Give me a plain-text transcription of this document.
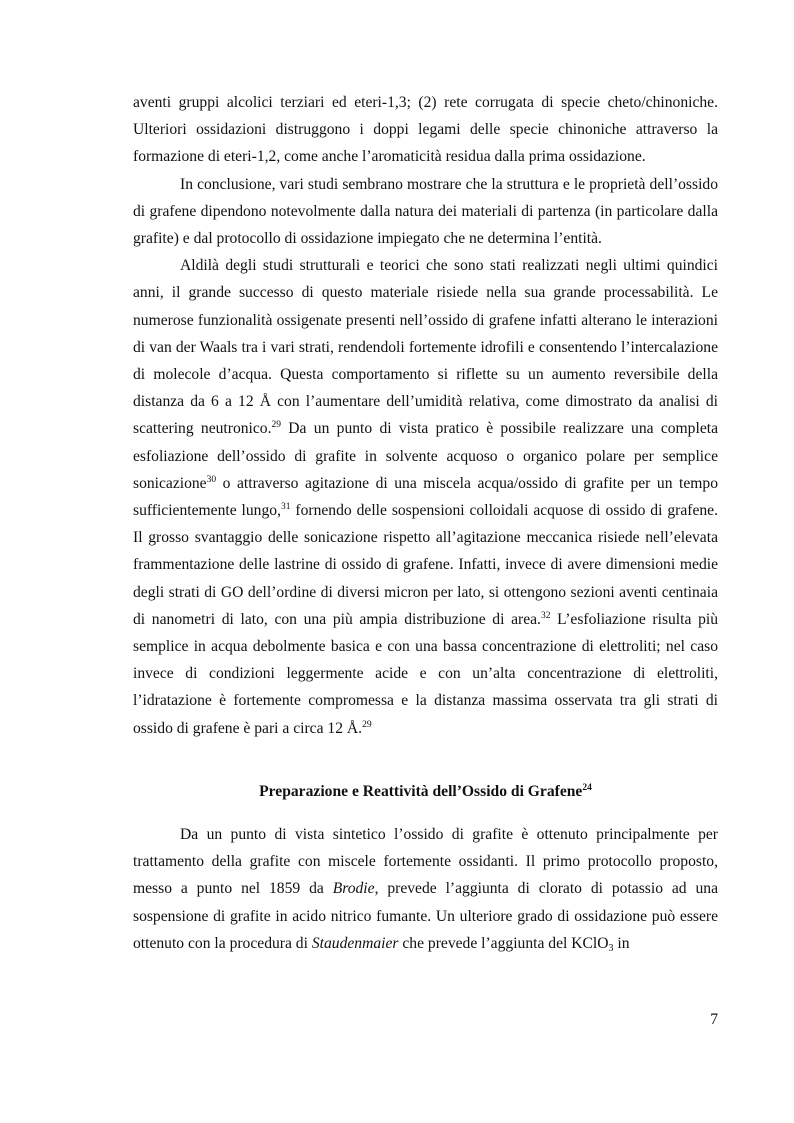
aventi gruppi alcolici terziari ed eteri-1,3; (2) rete corrugata di specie cheto/chinoniche. Ulteriori ossidazioni distruggono i doppi legami delle specie chinoniche attraverso la formazione di eteri-1,2, come anche l’aromaticità residua dalla prima ossidazione.

In conclusione, vari studi sembrano mostrare che la struttura e le proprietà dell’ossido di grafene dipendono notevolmente dalla natura dei materiali di partenza (in particolare dalla grafite) e dal protocollo di ossidazione impiegato che ne determina l’entità.

Aldilà degli studi strutturali e teorici che sono stati realizzati negli ultimi quindici anni, il grande successo di questo materiale risiede nella sua grande processabilità. Le numerose funzionalità ossigenate presenti nell’ossido di grafene infatti alterano le interazioni di van der Waals tra i vari strati, rendendoli fortemente idrofili e consentendo l’intercalazione di molecole d’acqua. Questa comportamento si riflette su un aumento reversibile della distanza da 6 a 12 Å con l’aumentare dell’umidità relativa, come dimostrato da analisi di scattering neutronico.$^{29}$ Da un punto di vista pratico è possibile realizzare una completa esfoliazione dell’ossido di grafite in solvente acquoso o organico polare per semplice sonicazione$^{30}$ o attraverso agitazione di una miscela acqua/ossido di grafite per un tempo sufficientemente lungo,$^{31}$ fornendo delle sospensioni colloidali acquose di ossido di grafene. Il grosso svantaggio delle sonicazione rispetto all’agitazione meccanica risiede nell’elevata frammentazione delle lastrine di ossido di grafene. Infatti, invece di avere dimensioni medie degli strati di GO dell’ordine di diversi micron per lato, si ottengono sezioni aventi centinaia di nanometri di lato, con una più ampia distribuzione di area.$^{32}$ L’esfoliazione risulta più semplice in acqua debolmente basica e con una bassa concentrazione di elettroliti; nel caso invece di condizioni leggermente acide e con un’alta concentrazione di elettroliti, l’idratazione è fortemente compromessa e la distanza massima osservata tra gli strati di ossido di grafene è pari a circa 12 Å.$^{29}$

Preparazione e Reattività dell’Ossido di Grafene$^{24}$

Da un punto di vista sintetico l’ossido di grafite è ottenuto principalmente per trattamento della grafite con miscele fortemente ossidanti. Il primo protocollo proposto, messo a punto nel 1859 da Brodie, prevede l’aggiunta di clorato di potassio ad una sospensione di grafite in acido nitrico fumante. Un ulteriore grado di ossidazione può essere ottenuto con la procedura di Staudenmaier che prevede l’aggiunta del KClO$_3$ in

7
